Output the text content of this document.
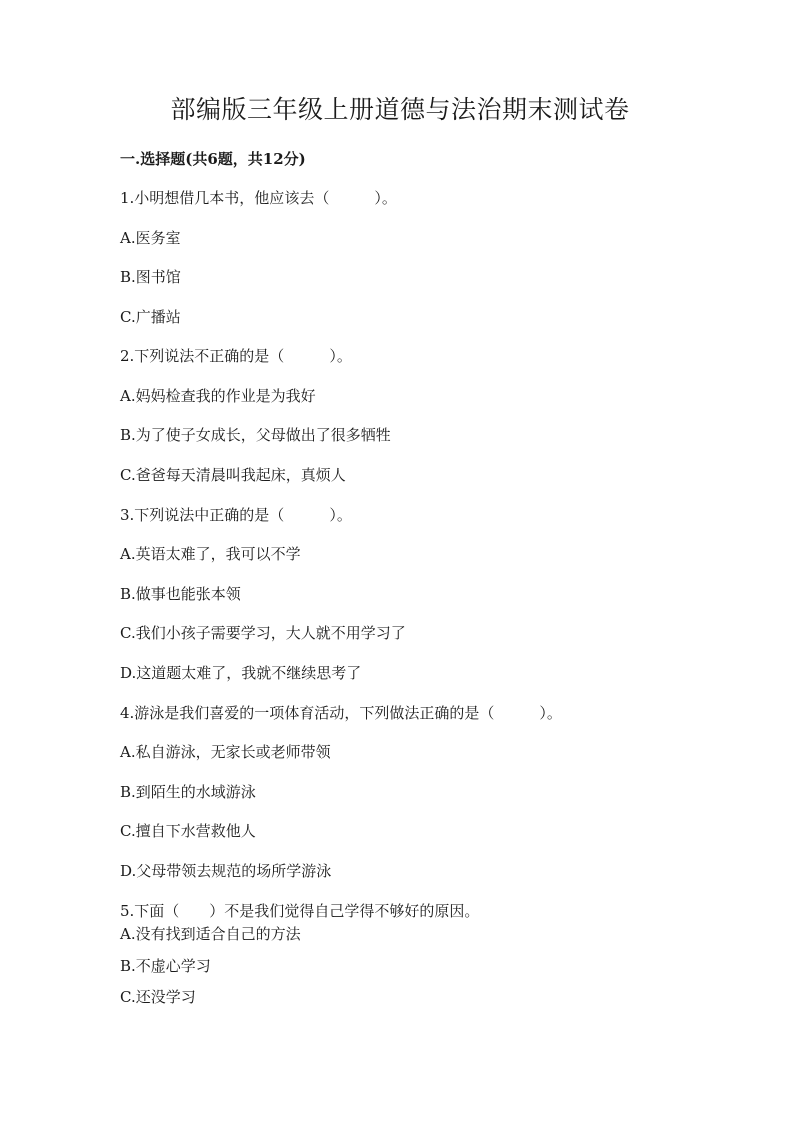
部编版三年级上册道德与法治期末测试卷
一.选择题(共6题，共12分)
1.小明想借几本书，他应该去（　　　）。
A.医务室
B.图书馆
C.广播站
2.下列说法不正确的是（　　　）。
A.妈妈检查我的作业是为我好
B.为了使子女成长，父母做出了很多牺牲
C.爸爸每天清晨叫我起床，真烦人
3.下列说法中正确的是（　　　）。
A.英语太难了，我可以不学
B.做事也能张本领
C.我们小孩子需要学习，大人就不用学习了
D.这道题太难了，我就不继续思考了
4.游泳是我们喜爱的一项体育活动，下列做法正确的是（　　　）。
A.私自游泳，无家长或老师带领
B.到陌生的水域游泳
C.擅自下水营救他人
D.父母带领去规范的场所学游泳
5.下面（　　）不是我们觉得自己学得不够好的原因。
A.没有找到适合自己的方法
B.不虚心学习
C.还没学习
